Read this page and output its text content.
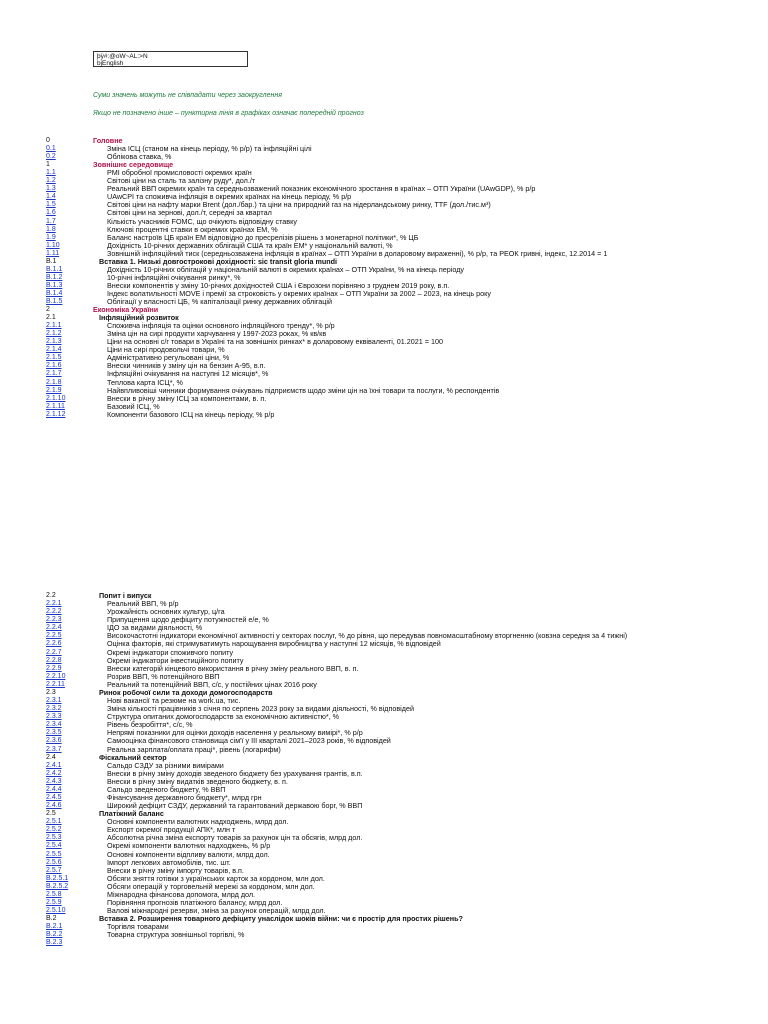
þÿ#:@oW~AL:>N
bjEnglish
Суми значень можуть не співпадати через заокруглення
Якщо не позначено інше – пунктирна лінія в графіках означає попередній прогноз
0	Головне
0.1	Зміна ІСЦ (станом на кінець періоду, % р/р) та інфляційні цілі
0.2	Облікова ставка, %
1	Зовнішнє середовище
1.1	PMI обробної промисловості окремих країн
1.2	Світові ціни на сталь та залізну руду*, дол./т
1.3	Реальний ВВП окремих країн та середньозважений показник економічного зростання в країнах – ОТП України (UAwGDP), % р/р
1.4	UAwCPI та споживча інфляція в окремих країнах на кінець періоду, % р/р
1.5	Світові ціни на нафту марки Brent (дол./бар.) та ціни на природний газ на нідерландському ринку, TTF (дол./тис.м³)
1.6	Світові ціни на зернові, дол./т, середні за квартал
1.7	Кількість учасників FOMC, що очікують відповідну ставку
1.8	Ключові процентні ставки в окремих країнах ЕМ, %
1.9	Баланс настроїв ЦБ країн ЕМ відповідно до пресрелізів рішень з монетарної політики*, % ЦБ
1.10	Дохідність 10-річних державних облігацій США та країн ЕМ* у національній валюті, %
1.11	Зовнішній інфляційний тиск (середньозважена інфляція в країнах – ОТП України в доларовому вираженні), % р/р, та РЕОК гривні, індекс, 12.2014 = 1
В.1	Вставка 1. Низькі довгострокові дохідності: sic transit gloria mundi
В.1.1	Дохідність 10-річних облігацій у національній валюті в окремих країнах – ОТП України, % на кінець періоду
В.1.2	10-річні інфляційні очікування ринку*, %
В.1.3	Внески компонентів у зміну 10-річних дохідностей США і Єврозони порівняно з груднем 2019 року, в.п.
В.1.4	Індекс волатильності MOVE і премії за строковість у окремих країнах – ОТП України за 2002 – 2023, на кінець року
В.1.5	Облігації у власності ЦБ, % капіталізації ринку державних облігацій
2	Економіка України
2.1	Інфляційний розвиток
2.1.1	Споживча інфляція та оцінки основного інфляційного тренду*, % р/р
2.1.2	Зміна цін на сирі продукти харчування у 1997-2023 роках, % кв/кв
2.1.3	Ціни на основні с/г товари в Україні та на зовнішніх ринках* в доларовому еквіваленті, 01.2021 = 100
2.1.4	Ціни на сирі продовольчі товари, %
2.1.5	Адміністративно регульовані ціни, %
2.1.6	Внески чинників у зміну цін на бензин А-95, в.п.
2.1.7	Інфляційні очікування на наступні 12 місяців*, %
2.1.8	Теплова карта ІСЦ*, %
2.1.9	Найвпливовіші чинники формування очікувань підприємств щодо зміни цін на їхні товари та послуги, % респондентів
2.1.10	Внески в річну зміну ІСЦ за компонентами, в. п.
2.1.11	Базовий ІСЦ, %
2.1.12	Компоненти базового ІСЦ на кінець періоду, % р/р
2.2	Попит і випуск
2.2.1	Реальний ВВП, % р/р
2.2.2	Урожайність основних культур, ц/га
2.2.3	Припущення щодо дефіциту потужностей е/е, %
2.2.4	ІДО за видами діяльності, %
2.2.5	Високочастотні індикатори економічної активності у секторах послуг, % до рівня, що передував повномасштабному вторгненню (ковзна середня за 4 тижні)
2.2.6	Оцінка факторів, які стримуватимуть нарощування виробництва у наступні 12 місяців, % відповідей
2.2.7	Окремі індикатори споживчого попиту
2.2.8	Окремі індикатори інвестиційного попиту
2.2.9	Внески категорій кінцевого використання в річну зміну реального ВВП, в. п.
2.2.10	Розрив ВВП, % потенційного ВВП
2.2.11	Реальний та потенційний ВВП, с/с, у постійних цінах 2016 року
2.3	Ринок робочої сили та доходи домогосподарств
2.3.1	Нові вакансії та резюме на work.ua, тис.
2.3.2	Зміна кількості працівників з січня по серпень 2023 року за видами діяльності, % відповідей
2.3.3	Структура опитаних домогосподарств за економічною активністю*, %
2.3.4	Рівень безробіття*, с/с, %
2.3.5	Непрямі показники для оцінки доходів населення у реальному вимірі*, % р/р
2.3.6	Самооцінка фінансового становища сім'ї у ІІІ кварталі 2021–2023 років, % відповідей
2.3.7	Реальна зарплата/оплата праці*, рівень (логарифм)
2.4	Фіскальний сектор
2.4.1	Сальдо СЗДУ за різними вимірами
2.4.2	Внески в річну зміну доходів зведеного бюджету без урахування грантів, в.п.
2.4.3	Внески в річну зміну видатків зведеного бюджету, в. п.
2.4.4	Сальдо зведеного бюджету, % ВВП
2.4.5	Фінансування державного бюджету*, млрд грн
2.4.6	Широкий дефіцит СЗДУ, державний та гарантований державою борг, % ВВП
2.5	Платіжний баланс
2.5.1	Основні компоненти валютних надходжень, млрд дол.
2.5.2	Експорт окремої продукції АПК*, млн т
2.5.3	Абсолютна річна зміна експорту товарів за рахунок цін та обсягів, млрд дол.
2.5.4	Окремі компоненти валютних надходжень, % р/р
2.5.5	Основні компоненти відпливу валюти, млрд дол.
2.5.6	Імпорт легкових автомобілів, тис. шт.
2.5.7	Внески в річну зміну імпорту товарів, в.п.
В.2.5.1	Обсяги зняття готівки з українських карток за кордоном, млн дол.
В.2.5.2	Обсяги операцій у торговельній мережі за кордоном, млн дол.
2.5.8	Міжнародна фінансова допомога, млрд дол.
2.5.9	Порівняння прогнозів платіжного балансу, млрд дол.
2.5.10	Валові міжнародні резерви, зміна за рахунок операцій, млрд дол.
В.2	Вставка 2. Розширення товарного дефіциту унаслідок шоків війни: чи є простір для простих рішень?
В.2.1	Торгівля товарами
В.2.2	Товарна структура зовнішньої торгівлі, %
В.2.3
